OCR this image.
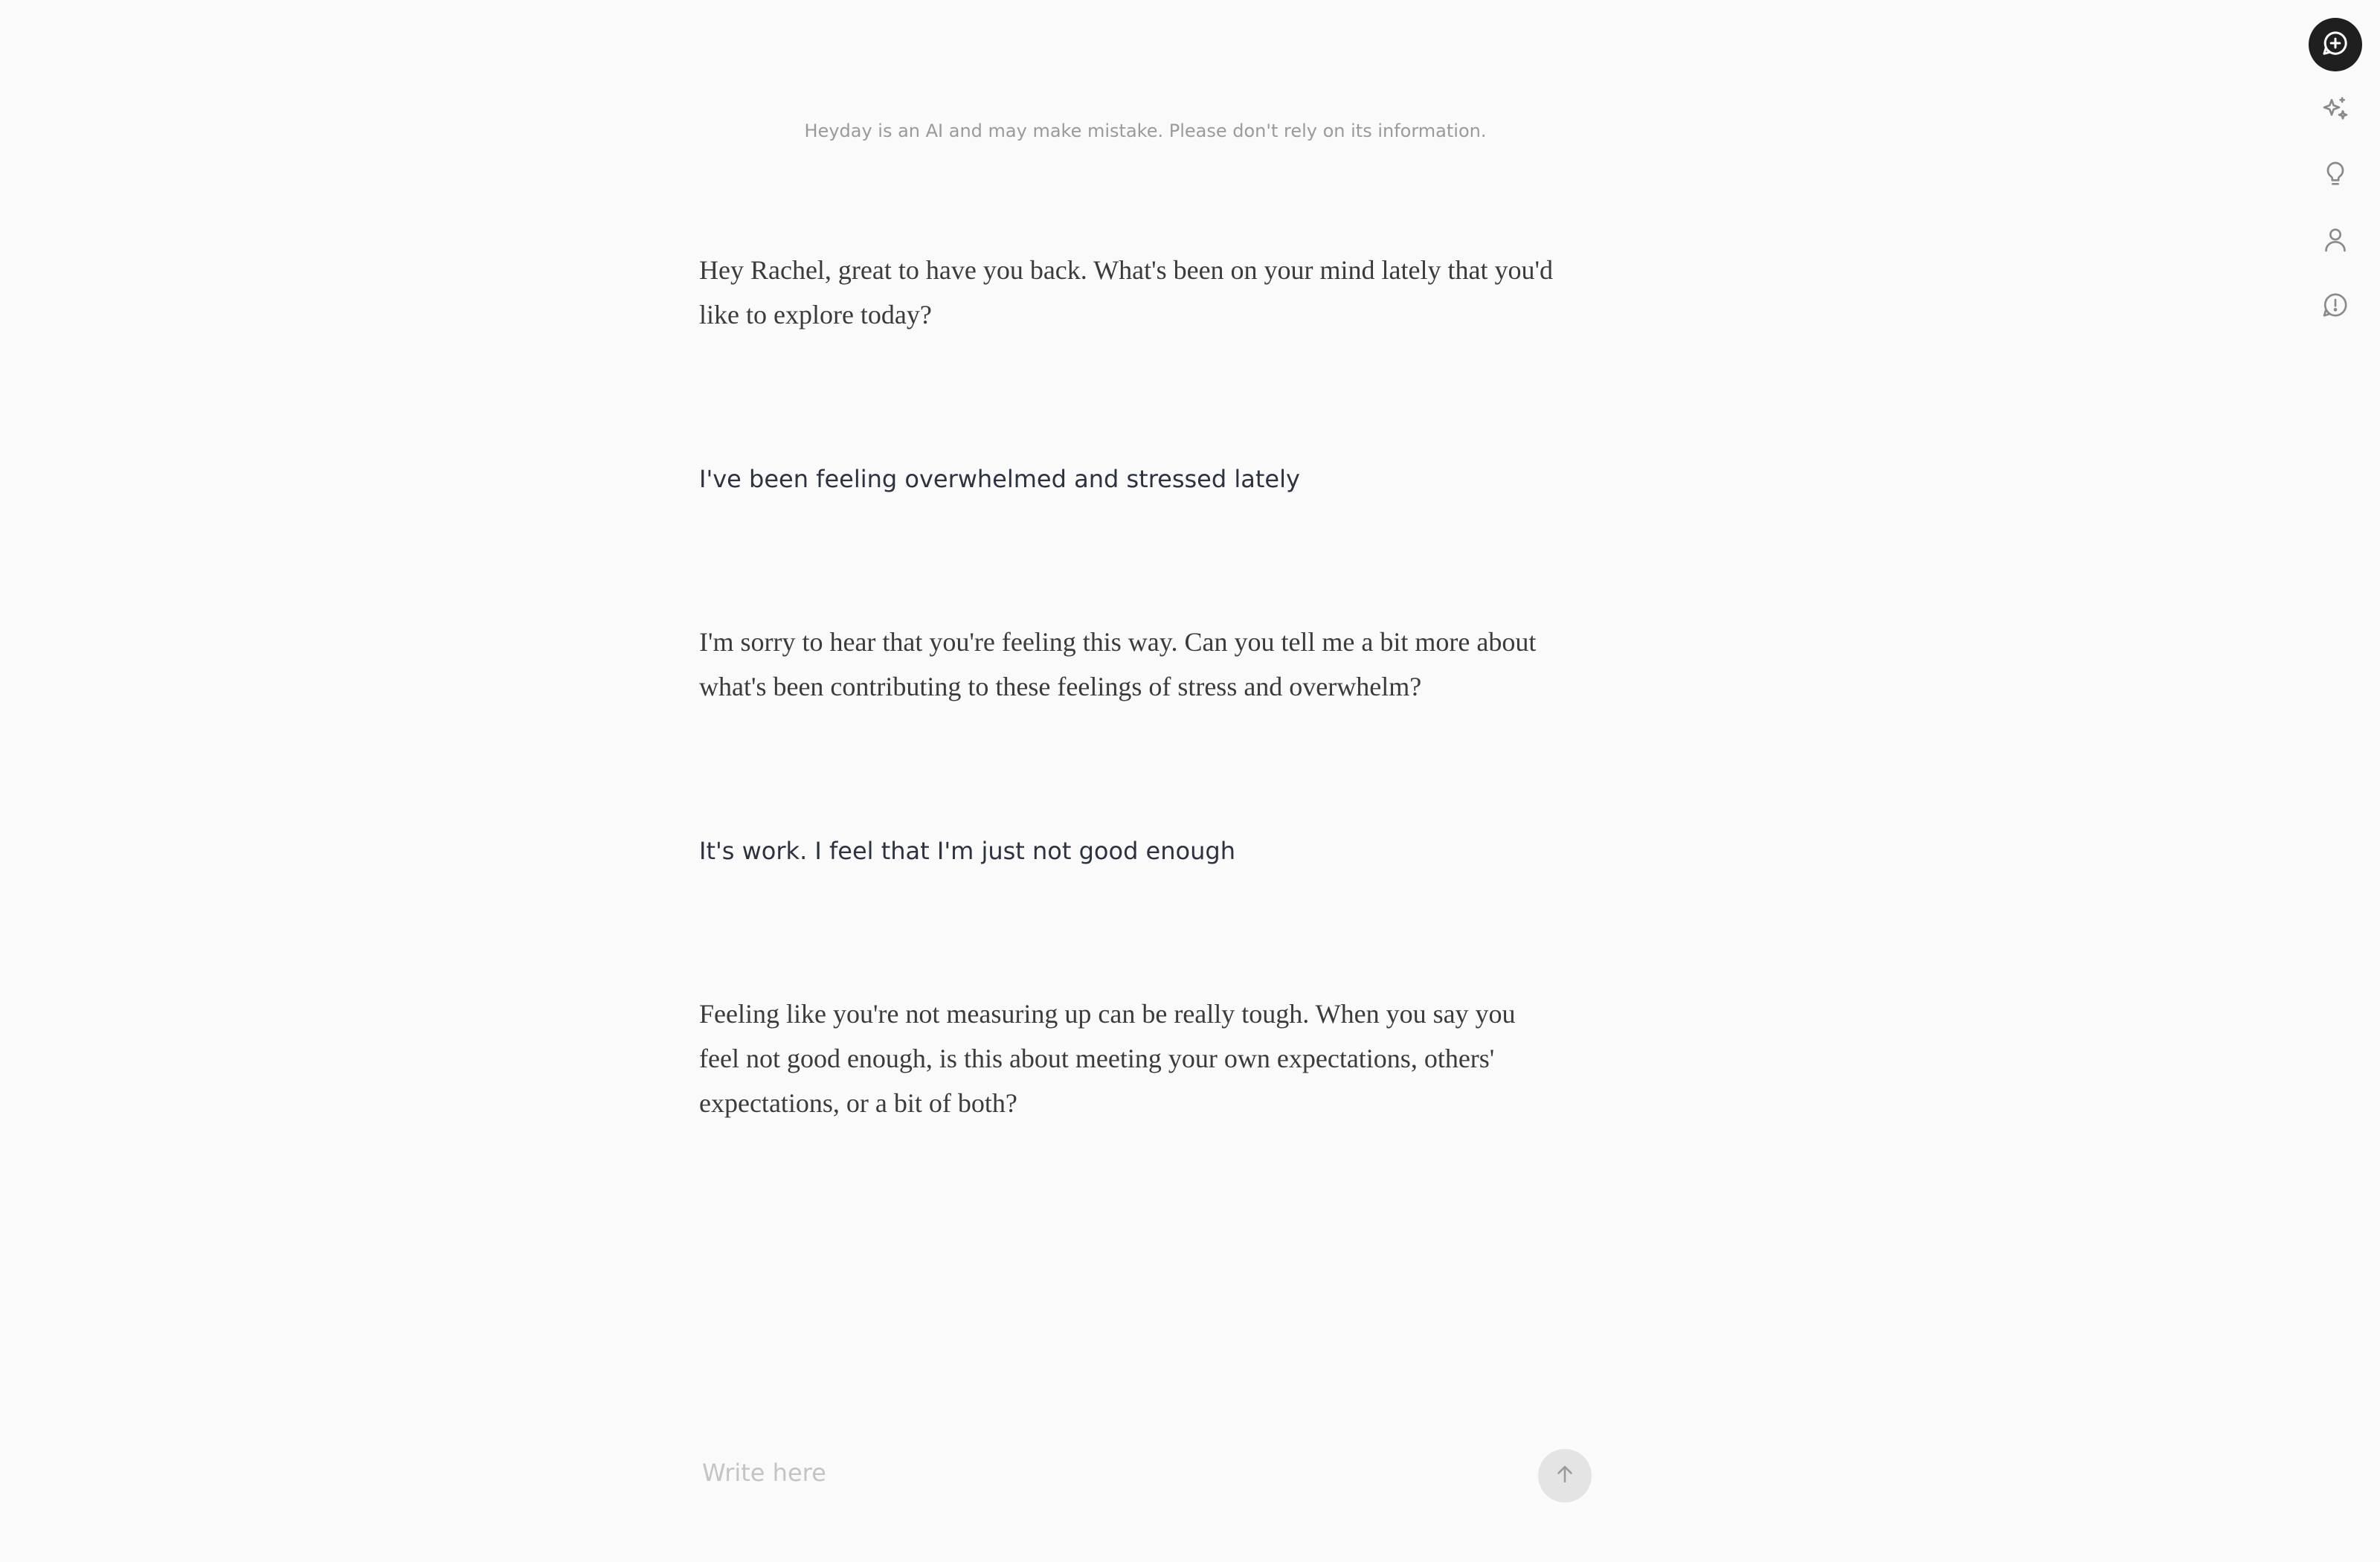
Heyday is an AI and may make mistake. Please don't rely on its information.

Hey Rachel, great to have you back. What's been on your mind lately that you'd like to explore today?

I've been feeling overwhelmed and stressed lately

I'm sorry to hear that you're feeling this way. Can you tell me a bit more about what's been contributing to these feelings of stress and overwhelm?

It's work. I feel that I'm just not good enough

Feeling like you're not measuring up can be really tough. When you say you feel not good enough, is this about meeting your own expectations, others' expectations, or a bit of both?

Write here
